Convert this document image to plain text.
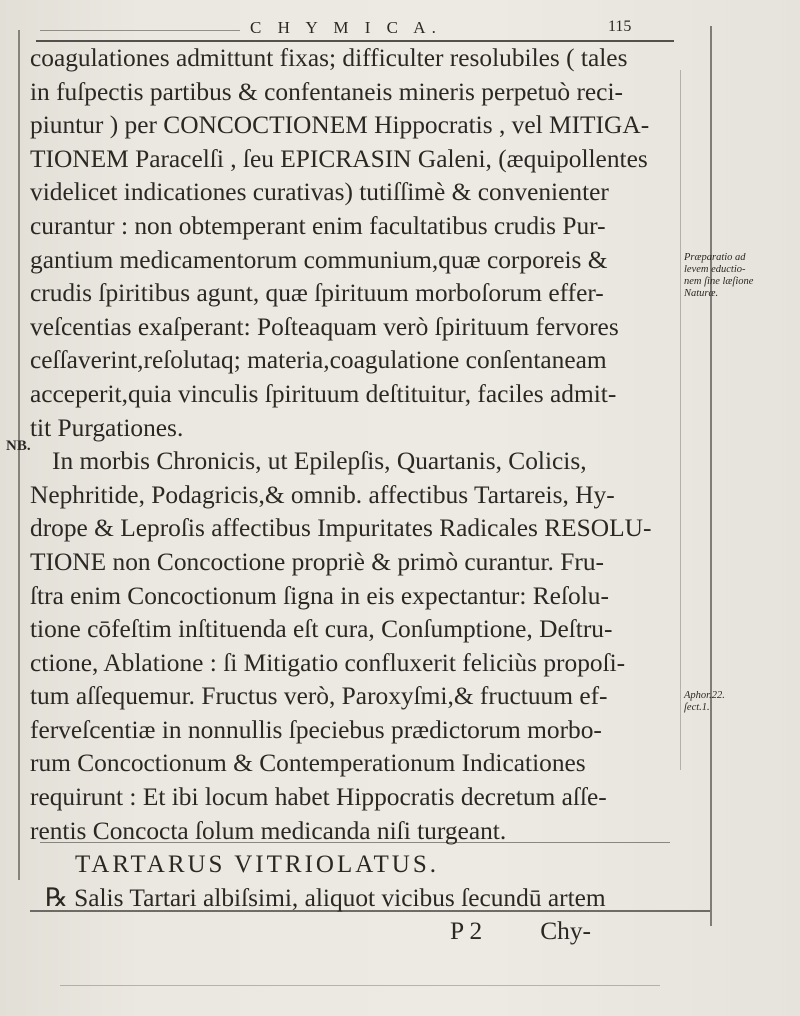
C H Y M I C A.	115
coagulationes admittunt fixas; difficulter resolubiles ( tales
in fuſpectis partibus & confentaneis mineris perpetuò reci-
piuntur ) per CONCOCTIONEM Hippocratis , vel MITIGA-
TIONEM Paracelſi , ſeu EPICRASIN Galeni, (æquipollentes
videlicet indicationes curativas) tutiſſimè & convenienter
curantur : non obtemperant enim facultatibus crudis Pur-
gantium medicamentorum communium,quæ corporeis &
crudis ſpiritibus agunt, quæ ſpirituum morboſorum effer-
veſcentias exaſperant: Poſteaquam verò ſpirituum fervores
ceſſaverint,reſolutaq; materia,coagulatione conſentaneam
acceperit,quia vinculis ſpirituum deſtituitur, faciles admit-
tit Purgationes.
In morbis Chronicis, ut Epilepſis, Quartanis, Colicis,
Nephritide, Podagricis,& omnib. affectibus Tartareis, Hy-
drope & Leproſis affectibus Impuritates Radicales RESOLU-
TIONE non Concoctione propriè & primò curantur. Fru-
ſtra enim Concoctionum ſigna in eis expectantur: Reſolu-
tione cōfeſtim inſtituenda eſt cura, Conſumptione, Deſtru-
ctione, Ablatione : ſi Mitigatio confluxerit feliciùs propoſi-
tum aſſequemur. Fructus verò, Paroxyſmi,& fructuum ef-
ferveſcentiæ in nonnullis ſpeciebus prædictorum morbo-
rum Concoctionum & Contemperationum Indicationes
requirunt : Et ibi locum habet Hippocratis decretum aſſe-
rentis Concocta ſolum medicanda niſi turgeant.
TARTARUS VITRIOLATUS.
℞ Salis Tartari albiſsimi, aliquot vicibus ſecundū artem
P 2 Chy-
Præparatio ad
levem eductio-
nem ſine læſione
Naturæ.
Aphor.22.
ſect.1.
NB.
